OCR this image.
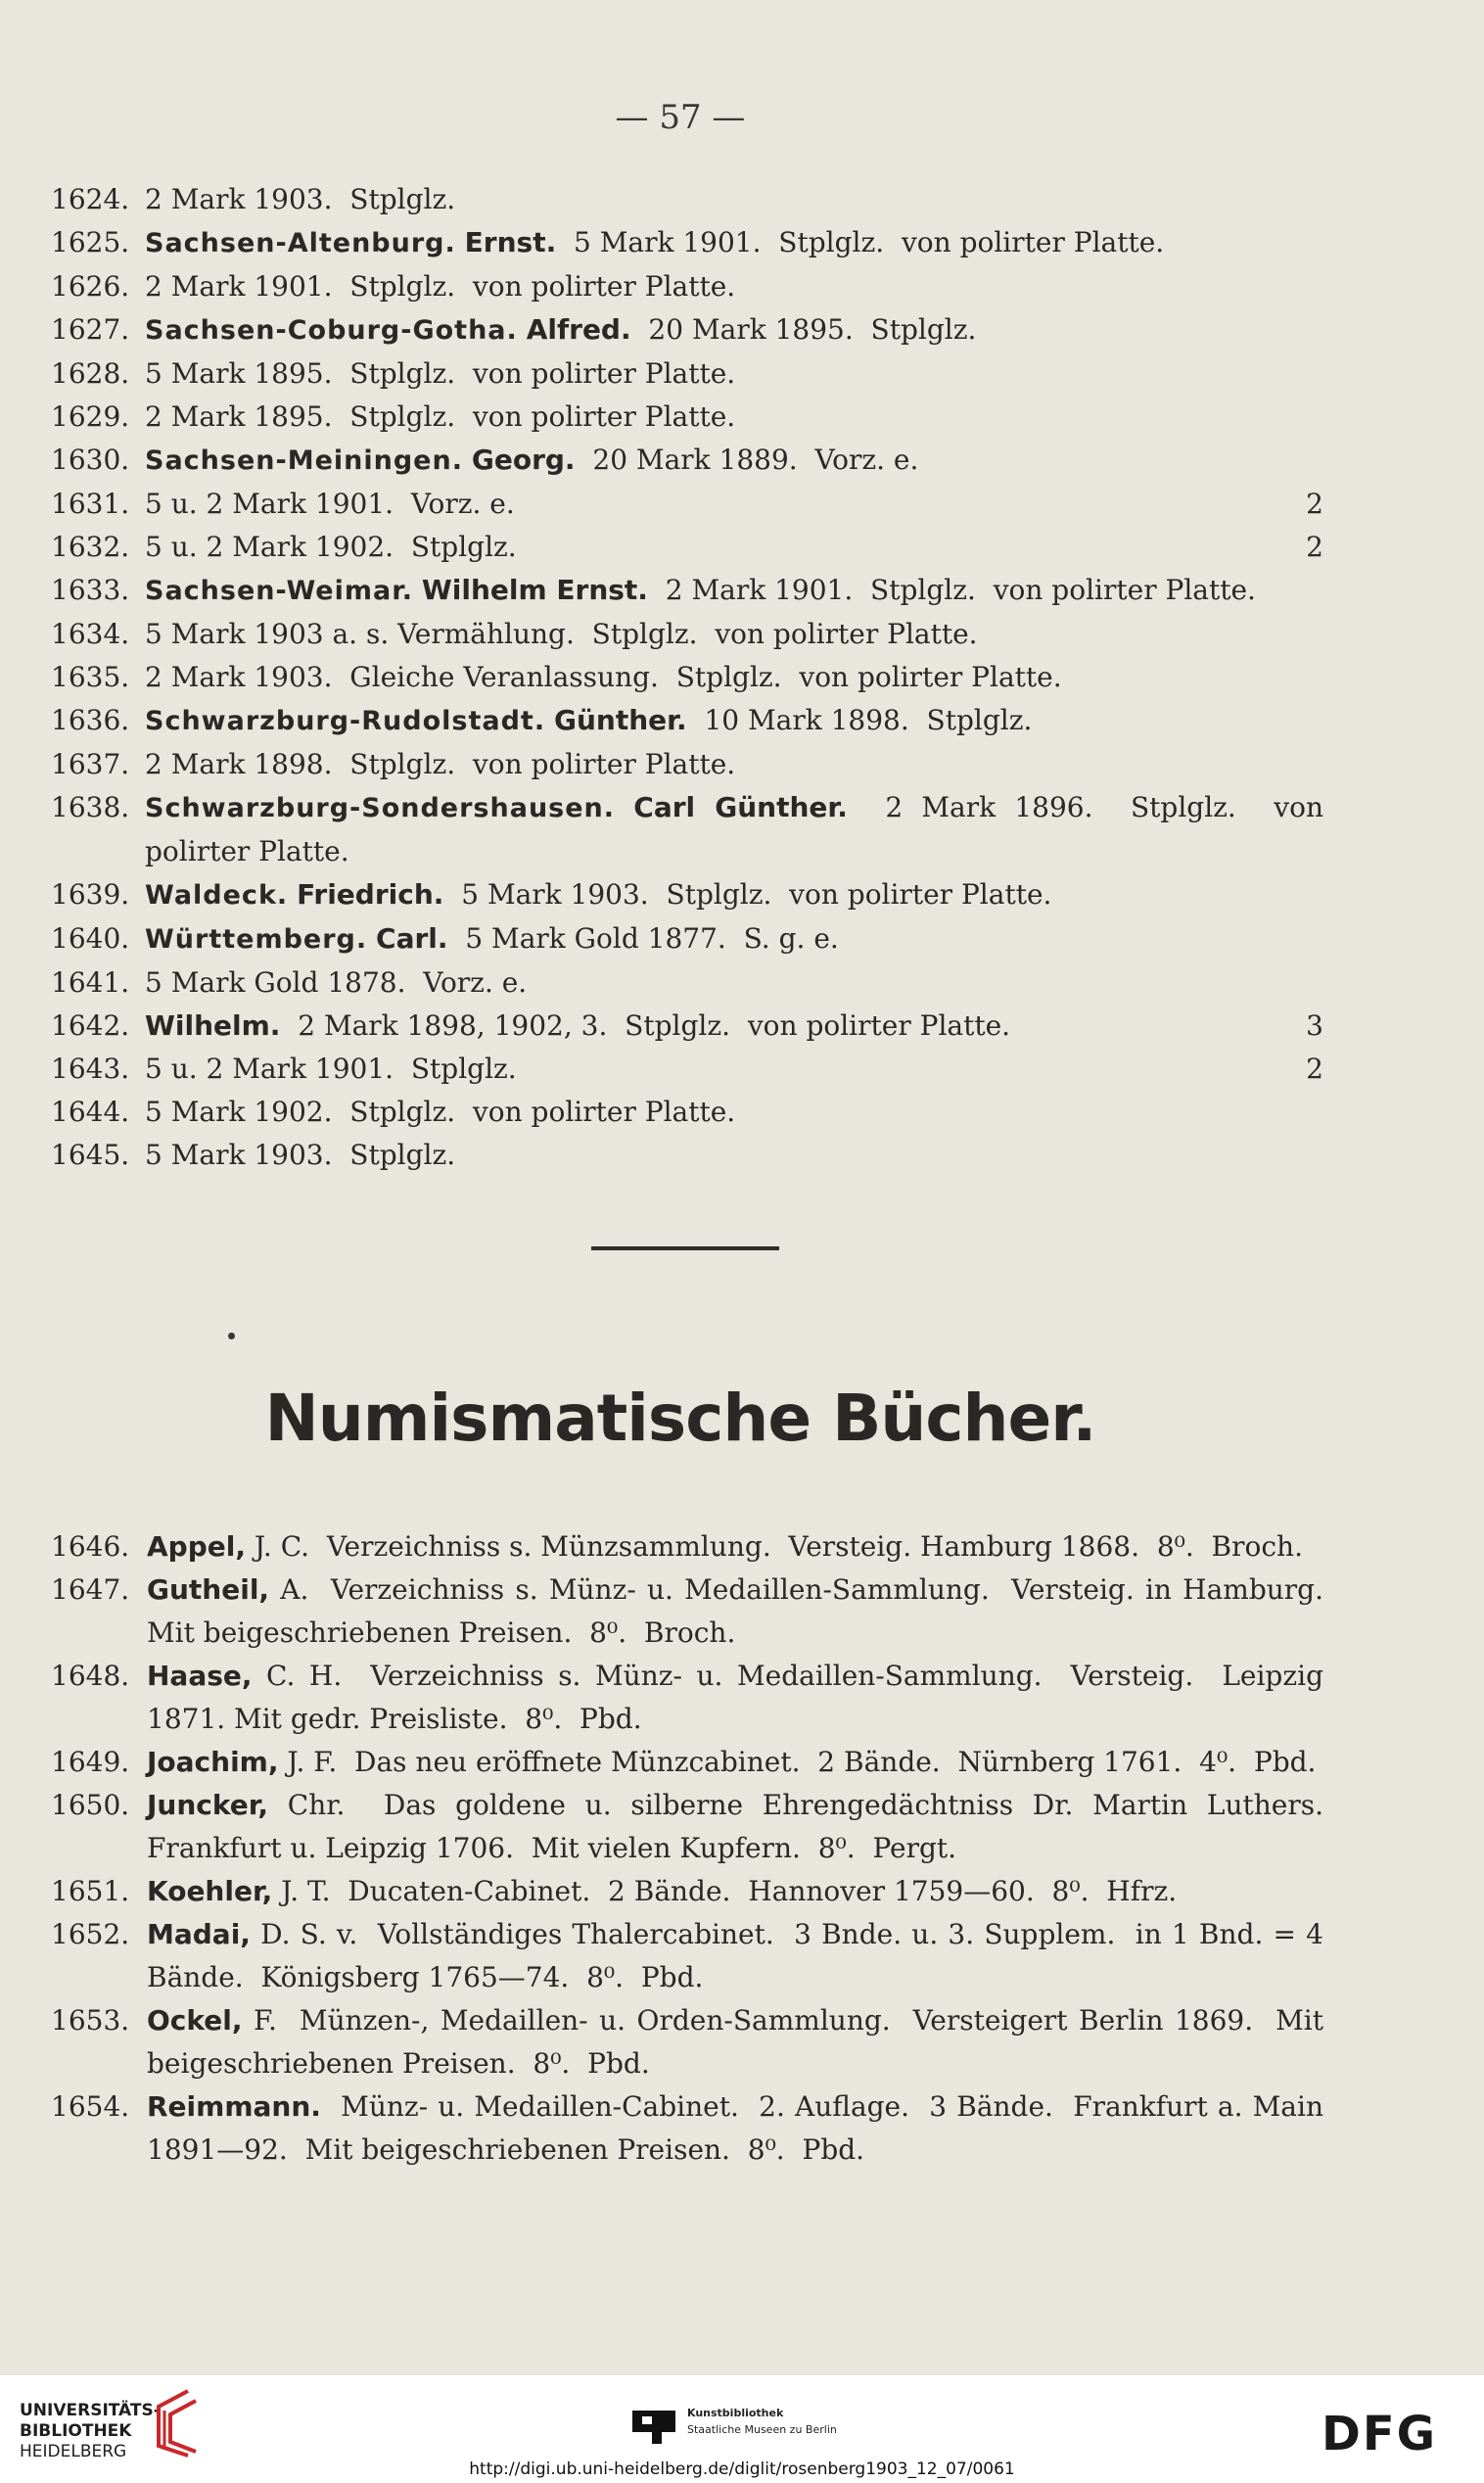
— 57 —
1624. 2 Mark 1903.  Stplglz.
1625. Sachsen-Altenburg. Ernst.  5 Mark 1901.  Stplglz.  von polirter Platte.
1626. 2 Mark 1901.  Stplglz.  von polirter Platte.
1627. Sachsen-Coburg-Gotha. Alfred.  20 Mark 1895.  Stplglz.
1628. 5 Mark 1895.  Stplglz.  von polirter Platte.
1629. 2 Mark 1895.  Stplglz.  von polirter Platte.
1630. Sachsen-Meiningen. Georg.  20 Mark 1889.  Vorz. e.
1631. 5 u. 2 Mark 1901.  Vorz. e.	2
1632. 5 u. 2 Mark 1902.  Stplglz.	2
1633. Sachsen-Weimar. Wilhelm Ernst.  2 Mark 1901.  Stplglz.  von polirter Platte.
1634. 5 Mark 1903 a. s. Vermählung.  Stplglz.  von polirter Platte.
1635. 2 Mark 1903.  Gleiche Veranlassung.  Stplglz.  von polirter Platte.
1636. Schwarzburg-Rudolstadt. Günther.  10 Mark 1898.  Stplglz.
1637. 2 Mark 1898.  Stplglz.  von polirter Platte.
1638. Schwarzburg-Sondershausen. Carl Günther.  2 Mark 1896.  Stplglz.  von polirter Platte.
1639. Waldeck. Friedrich.  5 Mark 1903.  Stplglz.  von polirter Platte.
1640. Württemberg. Carl.  5 Mark Gold 1877.  S. g. e.
1641. 5 Mark Gold 1878.  Vorz. e.
1642. Wilhelm.  2 Mark 1898, 1902, 3.  Stplglz.  von polirter Platte.	3
1643. 5 u. 2 Mark 1901.  Stplglz.	2
1644. 5 Mark 1902.  Stplglz.  von polirter Platte.
1645. 5 Mark 1903.  Stplglz.
Numismatische Bücher.
1646. Appel, J. C.  Verzeichniss s. Münzsammlung.  Versteig. Hamburg 1868.  8⁰.  Broch.
1647. Gutheil, A.  Verzeichniss s. Münz- u. Medaillen-Sammlung.  Versteig. in Hamburg. Mit beigeschriebenen Preisen.  8⁰.  Broch.
1648. Haase, C. H.  Verzeichniss s. Münz- u. Medaillen-Sammlung.  Versteig.  Leipzig 1871. Mit gedr. Preisliste.  8⁰.  Pbd.
1649. Joachim, J. F.  Das neu eröffnete Münzcabinet.  2 Bände.  Nürnberg 1761.  4⁰.  Pbd.
1650. Juncker, Chr.  Das goldene u. silberne Ehrengedächtniss Dr. Martin Luthers.  Frankfurt u. Leipzig 1706.  Mit vielen Kupfern.  8⁰.  Pergt.
1651. Koehler, J. T.  Ducaten-Cabinet.  2 Bände.  Hannover 1759—60.  8⁰.  Hfrz.
1652. Madai, D. S. v.  Vollständiges Thalercabinet.  3 Bnde. u. 3. Supplem.  in 1 Bnd. = 4 Bände.  Königsberg 1765—74.  8⁰.  Pbd.
1653. Ockel, F.  Münzen-, Medaillen- u. Orden-Sammlung.  Versteigert Berlin 1869.  Mit beigeschriebenen Preisen.  8⁰.  Pbd.
1654. Reimmann.  Münz- u. Medaillen-Cabinet.  2. Auflage.  3 Bände.  Frankfurt a. Main 1891—92.  Mit beigeschriebenen Preisen.  8⁰.  Pbd.
UNIVERSITÄTS-
BIBLIOTHEK
HEIDELBERG
Kunstbibliothek
Staatliche Museen zu Berlin	DFG
http://digi.ub.uni-heidelberg.de/diglit/rosenberg1903_12_07/0061
